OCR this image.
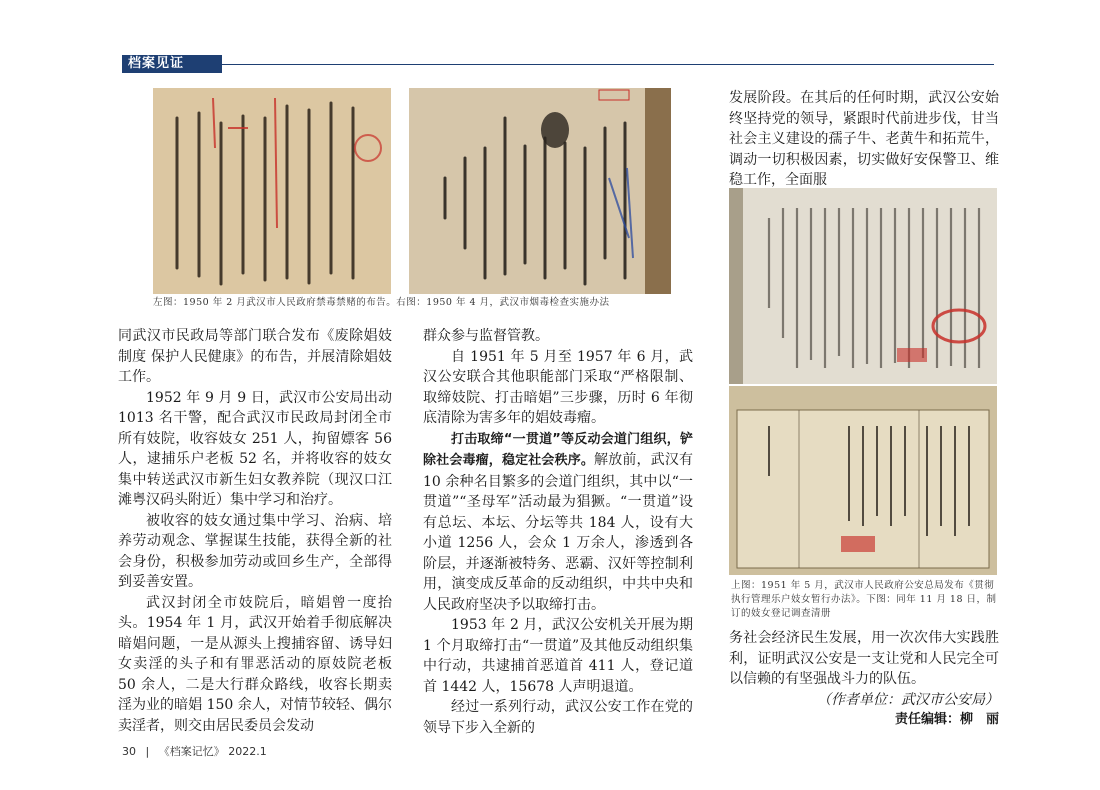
档案见证
左图：1950 年 2 月武汉市人民政府禁毒禁赌的布告。右图：1950 年 4 月，武汉市烟毒检查实施办法

发展阶段。在其后的任何时期，武汉公安始终坚持党的领导，紧跟时代前进步伐，甘当社会主义建设的孺子牛、老黄牛和拓荒牛，调动一切积极因素，切实做好安保警卫、维稳工作，全面服

上图：1951 年 5 月，武汉市人民政府公安总局发布《贯彻执行管理乐户妓女暂行办法》。下图：同年 11 月 18 日，制订的妓女登记调查清册

同武汉市民政局等部门联合发布《废除娼妓制度 保护人民健康》的布告，并展清除娼妓工作。

1952 年 9 月 9 日，武汉市公安局出动 1013 名干警，配合武汉市民政局封闭全市所有妓院，收容妓女 251 人，拘留嫖客 56 人，逮捕乐户老板 52 名，并将收容的妓女集中转送武汉市新生妇女教养院（现汉口江滩粤汉码头附近）集中学习和治疗。

被收容的妓女通过集中学习、治病、培养劳动观念、掌握谋生技能，获得全新的社会身份，积极参加劳动或回乡生产，全部得到妥善安置。

武汉封闭全市妓院后，暗娼曾一度抬头。1954 年 1 月，武汉开始着手彻底解决暗娼问题，一是从源头上搜捕容留、诱导妇女卖淫的头子和有罪恶活动的原妓院老板 50 余人，二是大行群众路线，收容长期卖淫为业的暗娼 150 余人，对情节较轻、偶尔卖淫者，则交由居民委员会发动

群众参与监督管教。

自 1951 年 5 月至 1957 年 6 月，武汉公安联合其他职能部门采取“严格限制、取缔妓院、打击暗娼”三步骤，历时 6 年彻底清除为害多年的娼妓毒瘤。

打击取缔“一贯道”等反动会道门组织，铲除社会毒瘤，稳定社会秩序。解放前，武汉有 10 余种名目繁多的会道门组织，其中以“一贯道”“圣母军”活动最为猖獗。“一贯道”设有总坛、本坛、分坛等共 184 人，设有大小道 1256 人，会众 1 万余人，渗透到各阶层，并逐渐被特务、恶霸、汉奸等控制利用，演变成反革命的反动组织，中共中央和人民政府坚决予以取缔打击。

1953 年 2 月，武汉公安机关开展为期 1 个月取缔打击“一贯道”及其他反动组织集中行动，共逮捕首恶道首 411 人，登记道首 1442 人，15678 人声明退道。

经过一系列行动，武汉公安工作在党的领导下步入全新的

务社会经济民生发展，用一次次伟大实践胜利，证明武汉公安是一支让党和人民完全可以信赖的有坚强战斗力的队伍。

（作者单位：武汉市公安局）

责任编辑：柳　丽

30 | 《档案记忆》 2022.1
